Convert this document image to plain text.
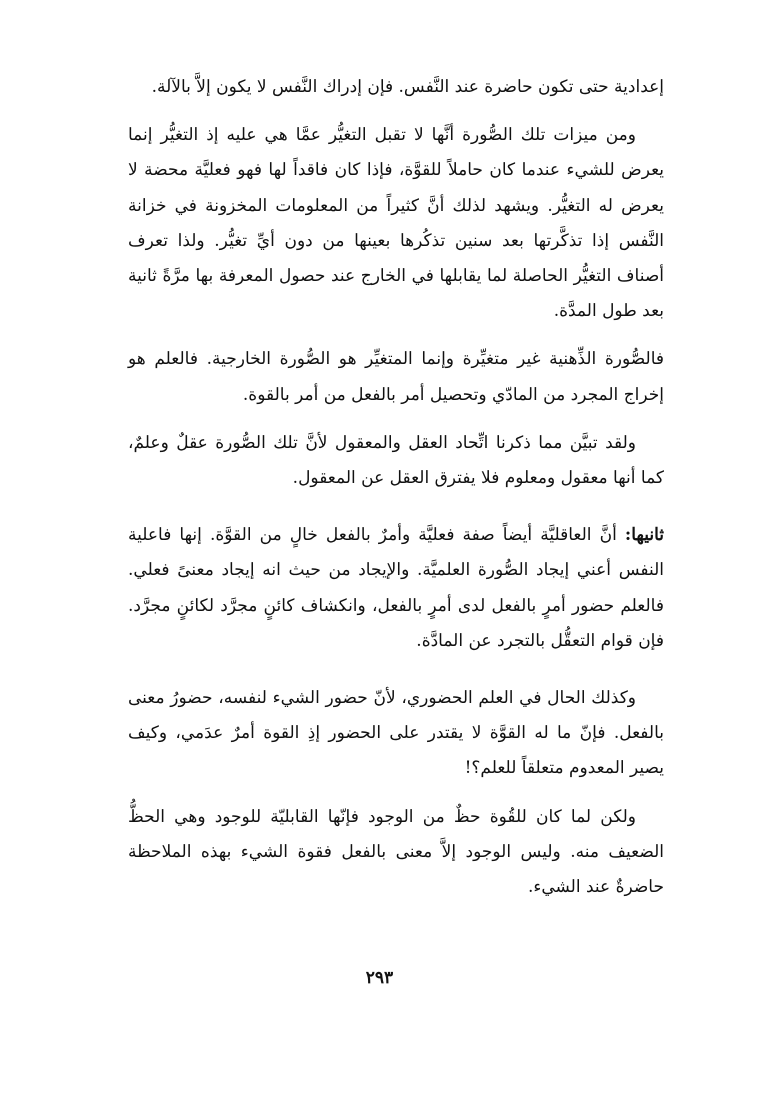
إعدادية حتى تكون حاضرة عند النَّفس. فإن إدراك النَّفس لا يكون إلاَّ بالآلة.

ومن ميزات تلك الصُّورة أنَّها لا تقبل التغيُّر عمَّا هي عليه إذ التغيُّر إنما يعرض للشيء عندما كان حاملاً للقوَّة، فإذا كان فاقداً لها فهو فعليَّة محضة لا يعرض له التغيُّر. ويشهد لذلك أنَّ كثيراً من المعلومات المخزونة في خزانة النَّفس إذا تذكَّرتها بعد سنين تذكُرها بعينها من دون أيِّ تغيُّر. ولذا تعرف أصناف التغيُّر الحاصلة لما يقابلها في الخارج عند حصول المعرفة بها مرَّةً ثانية بعد طول المدَّة.

فالصُّورة الذِّهنية غير متغيِّرة وإنما المتغيِّر هو الصُّورة الخارجية. فالعلم هو إخراج المجرد من المادّي وتحصيل أمر بالفعل من أمر بالقوة.

ولقد تبيَّن مما ذكرنا اتِّحاد العقل والمعقول لأنَّ تلك الصُّورة عقلٌ وعلمٌ، كما أنها معقول ومعلوم فلا يفترق العقل عن المعقول.

ثانيها: أنَّ العاقليَّة أيضاً صفة فعليَّة وأمرٌ بالفعل خالٍ من القوَّة. إنها فاعلية النفس أعني إيجاد الصُّورة العلميَّة. والإيجاد من حيث انه إيجاد معنىً فعلي. فالعلم حضور أمرٍ بالفعل لدى أمرٍ بالفعل، وانكشاف كائنٍ مجرَّد لكائنٍ مجرَّد. فإن قوام التعقُّل بالتجرد عن المادَّة.

وكذلك الحال في العلم الحضوري، لأنّ حضور الشيء لنفسه، حضورُ معنى بالفعل. فإنّ ما له القوَّة لا يقتدر على الحضور إذِ القوة أمرٌ عدَمي، وكيف يصير المعدوم متعلقاً للعلم؟!

ولكن لما كان للقُوة حظٌ من الوجود فإنّها القابليّة للوجود وهي الحظُّ الضعيف منه. وليس الوجود إلاَّ معنى بالفعل فقوة الشيء بهذه الملاحظة حاضرةٌ عند الشيء.

٢٩٣
